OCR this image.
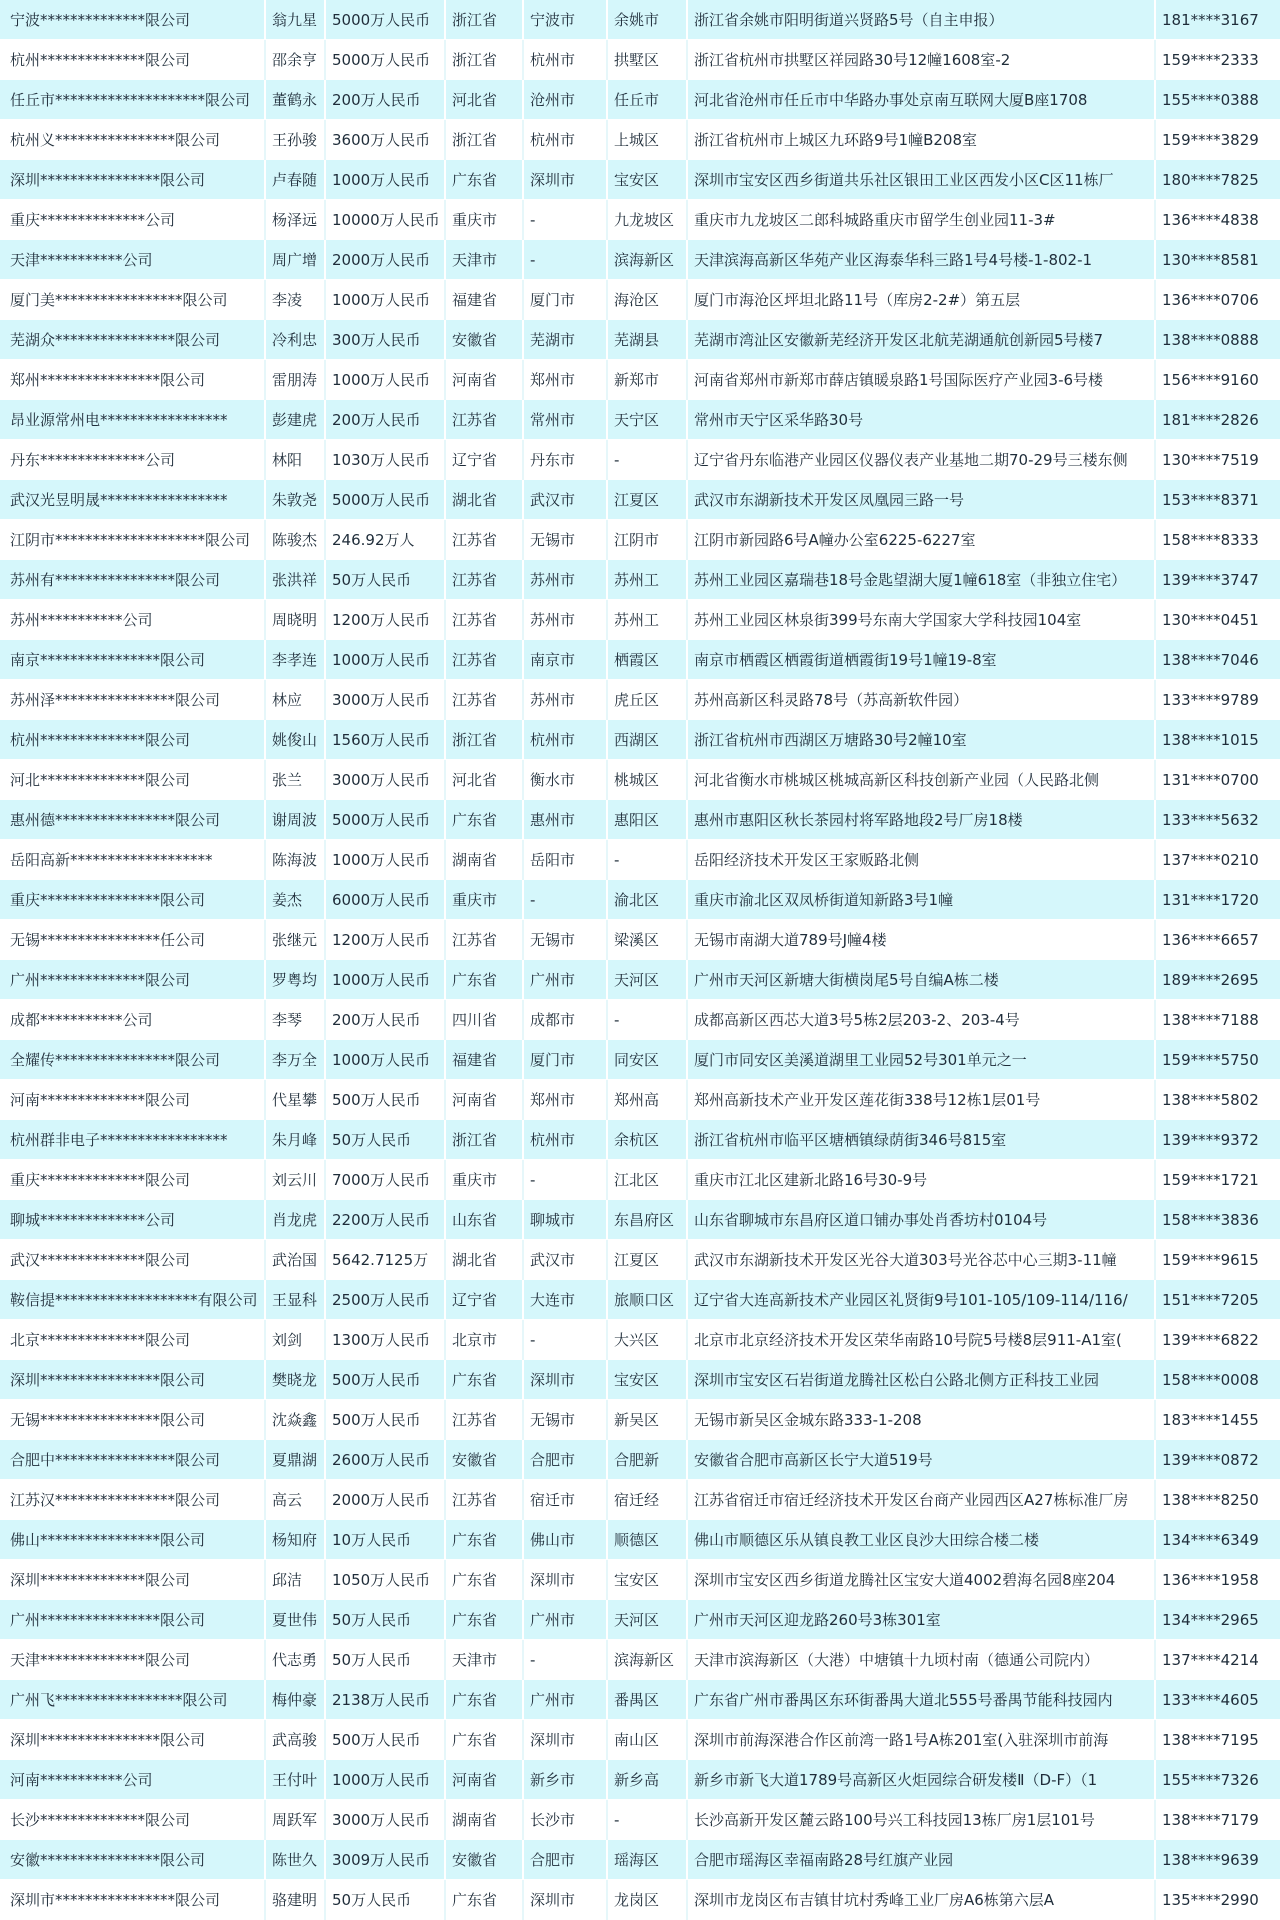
宁波**************限公司	翁九星 5000万人民币	浙江省	宁波市	余姚市	浙江省余姚市阳明街道兴贤路5号（自主申报）	181****3167
杭州**************限公司	邵余亨 5000万人民币	浙江省	杭州市	拱墅区	浙江省杭州市拱墅区祥园路30号12幢1608室-2	159****2333
任丘市********************限公司	董鹤永 200万人民币	河北省	沧州市	任丘市	河北省沧州市任丘市中华路办事处京南互联网大厦B座1708	155****0388
杭州义****************限公司	王孙骏 3600万人民币	浙江省	杭州市	上城区	浙江省杭州市上城区九环路9号1幢B208室	159****3829
深圳****************限公司	卢春随 1000万人民币	广东省	深圳市	宝安区	深圳市宝安区西乡街道共乐社区银田工业区西发小区C区11栋厂	180****7825
重庆**************公司	杨泽远 10000万人民币 重庆市	-	九龙坡区	重庆市九龙坡区二郎科城路重庆市留学生创业园11-3#	136****4838
天津***********公司	周广增 2000万人民币	天津市	-	滨海新区	天津滨海高新区华苑产业区海泰华科三路1号4号楼-1-802-1	130****8581
厦门美*****************限公司	李凌	1000万人民币	福建省	厦门市	海沧区	厦门市海沧区坪坦北路11号（库房2-2#）第五层	136****0706
芜湖众****************限公司	冷利忠 300万人民币	安徽省	芜湖市	芜湖县	芜湖市湾沚区安徽新芜经济开发区北航芜湖通航创新园5号楼7	138****0888
郑州****************限公司	雷朋涛 1000万人民币	河南省	郑州市	新郑市	河南省郑州市新郑市薛店镇暖泉路1号国际医疗产业园3-6号楼	156****9160
昂业源常州电*****************	彭建虎 200万人民币	江苏省	常州市	天宁区	常州市天宁区采华路30号	181****2826
丹东**************公司	林阳	1030万人民币	辽宁省	丹东市	-	辽宁省丹东临港产业园区仪器仪表产业基地二期70-29号三楼东侧	130****7519
武汉光昱明晟*****************	朱敦尧 5000万人民币	湖北省	武汉市	江夏区	武汉市东湖新技术开发区凤凰园三路一号	153****8371
江阴市********************限公司	陈骏杰 246.92万人	江苏省	无锡市	江阴市	江阴市新园路6号A幢办公室6225-6227室	158****8333
苏州有****************限公司	张洪祥 50万人民币	江苏省	苏州市	苏州工	苏州工业园区嘉瑞巷18号金匙望湖大厦1幢618室（非独立住宅）	139****3747
苏州***********公司	周晓明 1200万人民币	江苏省	苏州市	苏州工	苏州工业园区林泉街399号东南大学国家大学科技园104室	130****0451
南京****************限公司	李孝连 1000万人民币	江苏省	南京市	栖霞区	南京市栖霞区栖霞街道栖霞街19号1幢19-8室	138****7046
苏州泽****************限公司	林应	3000万人民币	江苏省	苏州市	虎丘区	苏州高新区科灵路78号（苏高新软件园）	133****9789
杭州**************限公司	姚俊山 1560万人民币	浙江省	杭州市	西湖区	浙江省杭州市西湖区万塘路30号2幢10室	138****1015
河北**************限公司	张兰	3000万人民币	河北省	衡水市	桃城区	河北省衡水市桃城区桃城高新区科技创新产业园（人民路北侧	131****0700
惠州德****************限公司	谢周波 5000万人民币	广东省	惠州市	惠阳区	惠州市惠阳区秋长茶园村将军路地段2号厂房18楼	133****5632
岳阳高新*******************	陈海波 1000万人民币	湖南省	岳阳市	-	岳阳经济技术开发区王家贩路北侧	137****0210
重庆****************限公司	姜杰	6000万人民币	重庆市	-	渝北区	重庆市渝北区双凤桥街道知新路3号1幢	131****1720
无锡****************任公司	张继元 1200万人民币	江苏省	无锡市	梁溪区	无锡市南湖大道789号J幢4楼	136****6657
广州**************限公司	罗粤均 1000万人民币	广东省	广州市	天河区	广州市天河区新塘大街横岗尾5号自编A栋二楼	189****2695
成都***********公司	李琴	200万人民币	四川省	成都市	-	成都高新区西芯大道3号5栋2层203-2、203-4号	138****7188
全耀传****************限公司	李万全 1000万人民币	福建省	厦门市	同安区	厦门市同安区美溪道湖里工业园52号301单元之一	159****5750
河南**************限公司	代星攀 500万人民币	河南省	郑州市	郑州高	郑州高新技术产业开发区莲花街338号12栋1层01号	138****5802
杭州群非电子*****************	朱月峰 50万人民币	浙江省	杭州市	余杭区	浙江省杭州市临平区塘栖镇绿荫街346号815室	139****9372
重庆**************限公司	刘云川 7000万人民币	重庆市	-	江北区	重庆市江北区建新北路16号30-9号	159****1721
聊城**************公司	肖龙虎 2200万人民币	山东省	聊城市	东昌府区	山东省聊城市东昌府区道口铺办事处肖香坊村0104号	158****3836
武汉**************限公司	武治国 5642.7125万	湖北省	武汉市	江夏区	武汉市东湖新技术开发区光谷大道303号光谷芯中心三期3-11幢	159****9615
鞍信提*******************有限公司 王显科 2500万人民币	辽宁省	大连市	旅顺口区	辽宁省大连高新技术产业园区礼贤街9号101-105/109-114/116/	151****7205
北京**************限公司	刘剑	1300万人民币	北京市	-	大兴区	北京市北京经济技术开发区荣华南路10号院5号楼8层911-A1室(	139****6822
深圳****************限公司	樊晓龙 500万人民币	广东省	深圳市	宝安区	深圳市宝安区石岩街道龙腾社区松白公路北侧方正科技工业园	158****0008
无锡****************限公司	沈焱鑫 500万人民币	江苏省	无锡市	新吴区	无锡市新吴区金城东路333-1-208	183****1455
合肥中****************限公司	夏鼎湖 2600万人民币	安徽省	合肥市	合肥新	安徽省合肥市高新区长宁大道519号	139****0872
江苏汉****************限公司	高云	2000万人民币	江苏省	宿迁市	宿迁经	江苏省宿迁市宿迁经济技术开发区台商产业园西区A27栋标准厂房	138****8250
佛山****************限公司	杨知府 10万人民币	广东省	佛山市	顺德区	佛山市顺德区乐从镇良教工业区良沙大田综合楼二楼	134****6349
深圳**************限公司	邱洁	1050万人民币	广东省	深圳市	宝安区	深圳市宝安区西乡街道龙腾社区宝安大道4002碧海名园8座204	136****1958
广州****************限公司	夏世伟 50万人民币	广东省	广州市	天河区	广州市天河区迎龙路260号3栋301室	134****2965
天津**************限公司	代志勇 50万人民币	天津市	-	滨海新区	天津市滨海新区（大港）中塘镇十九顷村南（德通公司院内）	137****4214
广州飞*****************限公司	梅仲豪 2138万人民币	广东省	广州市	番禺区	广东省广州市番禺区东环街番禺大道北555号番禺节能科技园内	133****4605
深圳****************限公司	武高骏 500万人民币	广东省	深圳市	南山区	深圳市前海深港合作区前湾一路1号A栋201室(入驻深圳市前海	138****7195
河南***********公司	王付叶 1000万人民币	河南省	新乡市	新乡高	新乡市新飞大道1789号高新区火炬园综合研发楼Ⅱ（D-F）（1	155****7326
长沙**************限公司	周跃军 3000万人民币	湖南省	长沙市	-	长沙高新开发区麓云路100号兴工科技园13栋厂房1层101号	138****7179
安徽****************限公司	陈世久 3009万人民币	安徽省	合肥市	瑶海区	合肥市瑶海区幸福南路28号红旗产业园	138****9639
深圳市****************限公司	骆建明 50万人民币	广东省	深圳市	龙岗区	深圳市龙岗区布吉镇甘坑村秀峰工业厂房A6栋第六层A	135****2990
